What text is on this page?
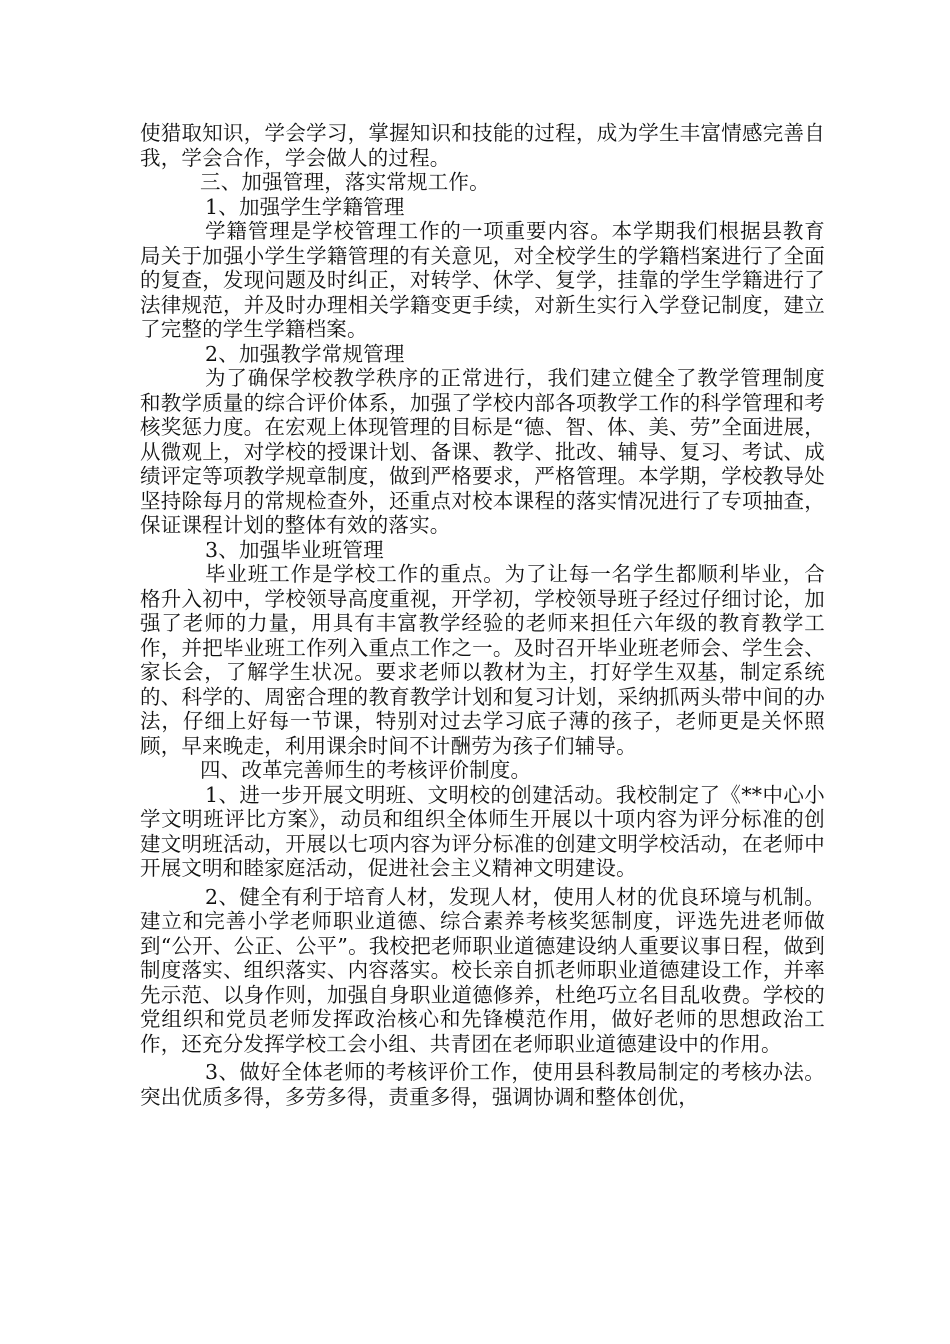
使猎取知识，学会学习，掌握知识和技能的过程，成为学生丰富情感完善自我，学会合作，学会做人的过程。

三、加强管理，落实常规工作。

1、加强学生学籍管理

学籍管理是学校管理工作的一项重要内容。本学期我们根据县教育局关于加强小学生学籍管理的有关意见，对全校学生的学籍档案进行了全面的复查，发现问题及时纠正，对转学、休学、复学，挂靠的学生学籍进行了法律规范，并及时办理相关学籍变更手续，对新生实行入学登记制度，建立了完整的学生学籍档案。

2、加强教学常规管理

为了确保学校教学秩序的正常进行，我们建立健全了教学管理制度和教学质量的综合评价体系，加强了学校内部各项教学工作的科学管理和考核奖惩力度。在宏观上体现管理的目标是“德、智、体、美、劳”全面进展，从微观上，对学校的授课计划、备课、教学、批改、辅导、复习、考试、成绩评定等项教学规章制度，做到严格要求，严格管理。本学期，学校教导处坚持除每月的常规检查外，还重点对校本课程的落实情况进行了专项抽查，保证课程计划的整体有效的落实。

3、加强毕业班管理

毕业班工作是学校工作的重点。为了让每一名学生都顺利毕业，合格升入初中，学校领导高度重视，开学初，学校领导班子经过仔细讨论，加强了老师的力量，用具有丰富教学经验的老师来担任六年级的教育教学工作，并把毕业班工作列入重点工作之一。及时召开毕业班老师会、学生会、家长会，了解学生状况。要求老师以教材为主，打好学生双基，制定系统的、科学的、周密合理的教育教学计划和复习计划，采纳抓两头带中间的办法，仔细上好每一节课，特别对过去学习底子薄的孩子，老师更是关怀照顾，早来晚走，利用课余时间不计酬劳为孩子们辅导。

四、改革完善师生的考核评价制度。

1、进一步开展文明班、文明校的创建活动。我校制定了《**中心小学文明班评比方案》，动员和组织全体师生开展以十项内容为评分标准的创建文明班活动，开展以七项内容为评分标准的创建文明学校活动，在老师中开展文明和睦家庭活动，促进社会主义精神文明建设。

2、健全有利于培育人材，发现人材，使用人材的优良环境与机制。 建立和完善小学老师职业道德、综合素养考核奖惩制度，评选先进老师做到“公开、公正、公平”。我校把老师职业道德建设纳人重要议事日程，做到制度落实、组织落实、内容落实。校长亲自抓老师职业道德建设工作，并率先示范、以身作则，加强自身职业道德修养，杜绝巧立名目乱收费。学校的党组织和党员老师发挥政治核心和先锋模范作用，做好老师的思想政治工作，还充分发挥学校工会小组、共青团在老师职业道德建设中的作用。

3、做好全体老师的考核评价工作，使用县科教局制定的考核办法。突出优质多得，多劳多得，责重多得，强调协调和整体创优，
